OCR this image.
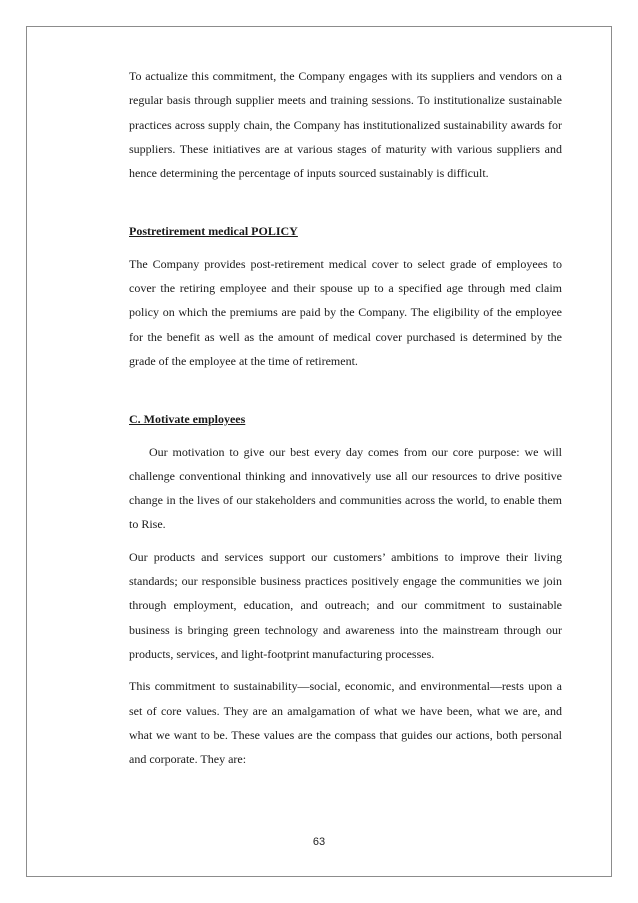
To actualize this commitment, the Company engages with its suppliers and vendors on a regular basis through supplier meets and training sessions. To institutionalize sustainable practices across supply chain, the Company has institutionalized sustainability awards for suppliers. These initiatives are at various stages of maturity with various suppliers and hence determining the percentage of inputs sourced sustainably is difficult.

Postretirement medical POLICY

The Company provides post-retirement medical cover to select grade of employees to cover the retiring employee and their spouse up to a specified age through med claim policy on which the premiums are paid by the Company. The eligibility of the employee for the benefit as well as the amount of medical cover purchased is determined by the grade of the employee at the time of retirement.

C. Motivate employees

Our motivation to give our best every day comes from our core purpose: we will challenge conventional thinking and innovatively use all our resources to drive positive change in the lives of our stakeholders and communities across the world, to enable them to Rise.

Our products and services support our customers’ ambitions to improve their living standards; our responsible business practices positively engage the communities we join through employment, education, and outreach; and our commitment to sustainable business is bringing green technology and awareness into the mainstream through our products, services, and light-footprint manufacturing processes.

This commitment to sustainability—social, economic, and environmental—rests upon a set of core values. They are an amalgamation of what we have been, what we are, and what we want to be. These values are the compass that guides our actions, both personal and corporate. They are:

63
